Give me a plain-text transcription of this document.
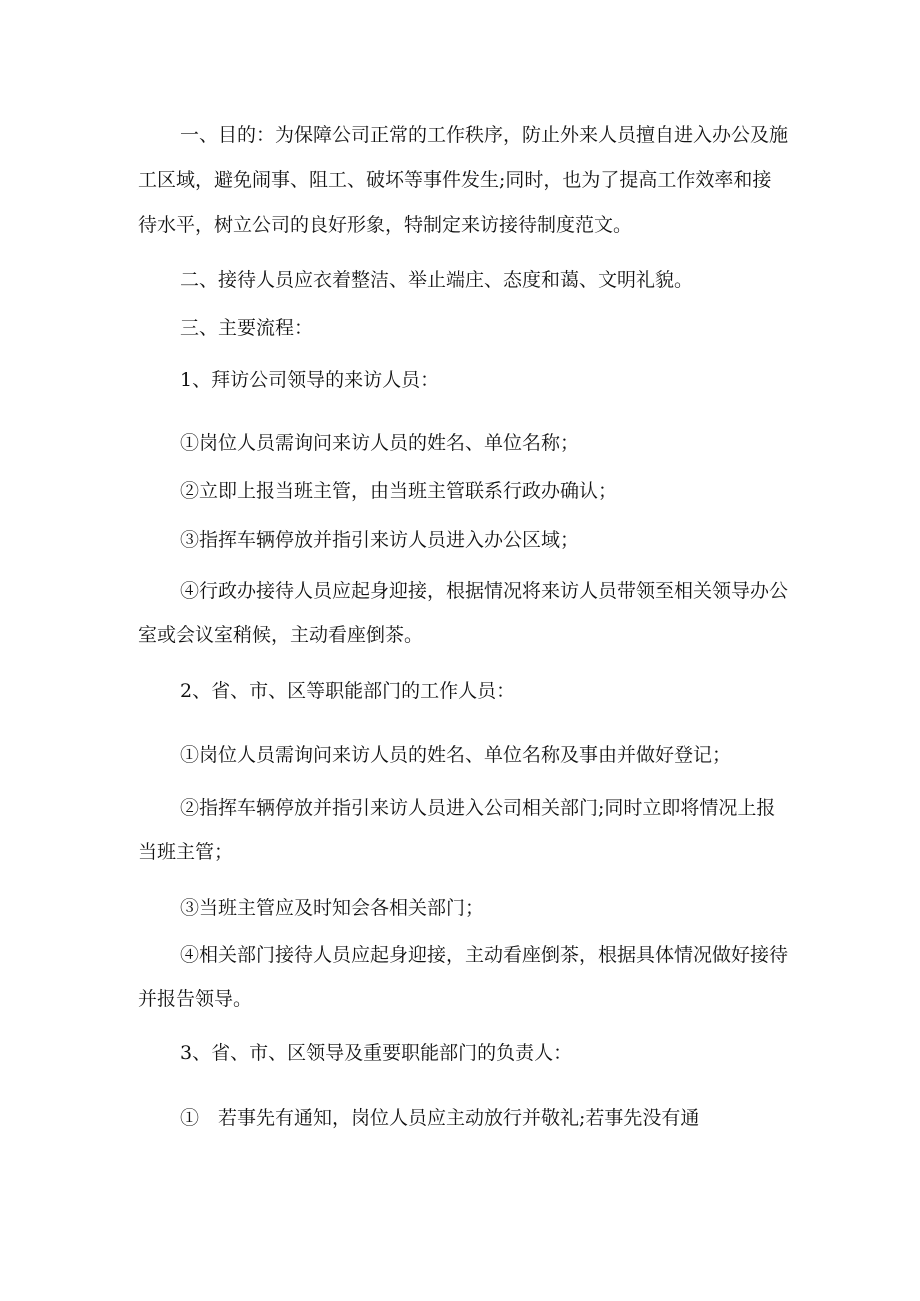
一、目的：为保障公司正常的工作秩序，防止外来人员擅自进入办公及施工区域，避免闹事、阻工、破坏等事件发生;同时，也为了提高工作效率和接待水平，树立公司的良好形象，特制定来访接待制度范文。

二、接待人员应衣着整洁、举止端庄、态度和蔼、文明礼貌。

三、主要流程：

1、拜访公司领导的来访人员：

①岗位人员需询问来访人员的姓名、单位名称；

②立即上报当班主管，由当班主管联系行政办确认；

③指挥车辆停放并指引来访人员进入办公区域；

④行政办接待人员应起身迎接，根据情况将来访人员带领至相关领导办公室或会议室稍候，主动看座倒茶。

2、省、市、区等职能部门的工作人员：

①岗位人员需询问来访人员的姓名、单位名称及事由并做好登记；

②指挥车辆停放并指引来访人员进入公司相关部门;同时立即将情况上报当班主管；

③当班主管应及时知会各相关部门；

④相关部门接待人员应起身迎接，主动看座倒茶，根据具体情况做好接待并报告领导。

3、省、市、区领导及重要职能部门的负责人：

①　若事先有通知，岗位人员应主动放行并敬礼;若事先没有通
